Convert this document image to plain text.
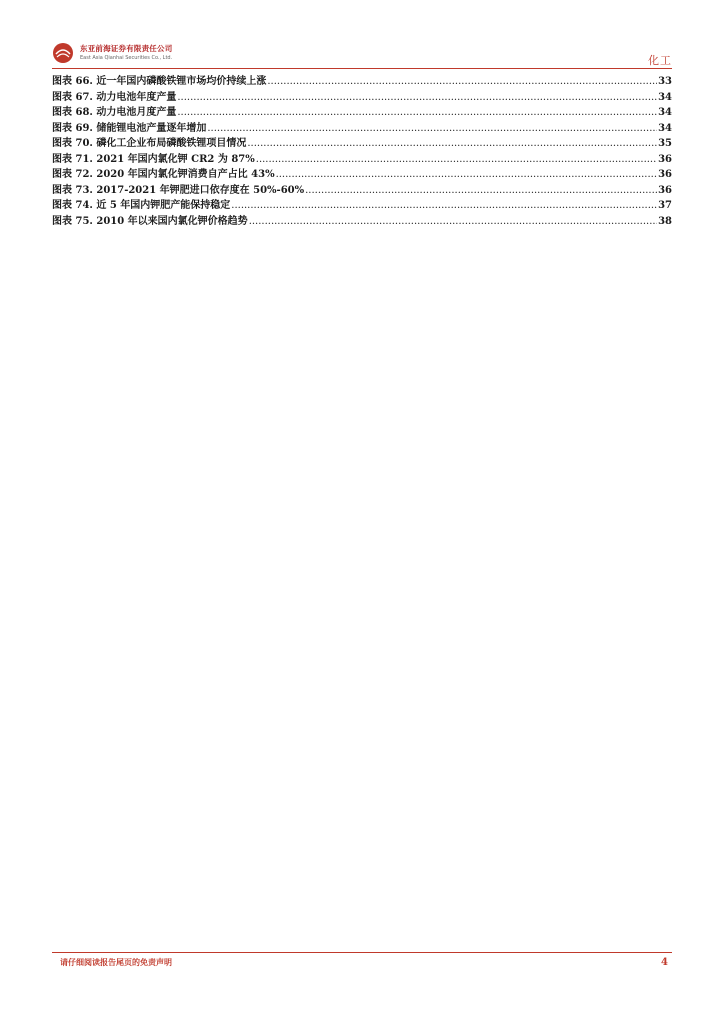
东亚前海证券有限责任公司
East Asia Qianhai Securities Co., Ltd.	化工
图表 66. 近一年国内磷酸铁锂市场均价持续上涨 .....	33
图表 67. 动力电池年度产量 .....	34
图表 68. 动力电池月度产量 .....	34
图表 69. 储能锂电池产量逐年增加 .....	34
图表 70. 磷化工企业布局磷酸铁锂项目情况 .....	35
图表 71. 2021 年国内氯化钾 CR2 为 87% .....	36
图表 72. 2020 年国内氯化钾消费自产占比 43% .....	36
图表 73. 2017-2021 年钾肥进口依存度在 50%-60% .....	36
图表 74. 近 5 年国内钾肥产能保持稳定 .....	37
图表 75. 2010 年以来国内氯化钾价格趋势 .....	38
请仔细阅读报告尾页的免责声明	4
